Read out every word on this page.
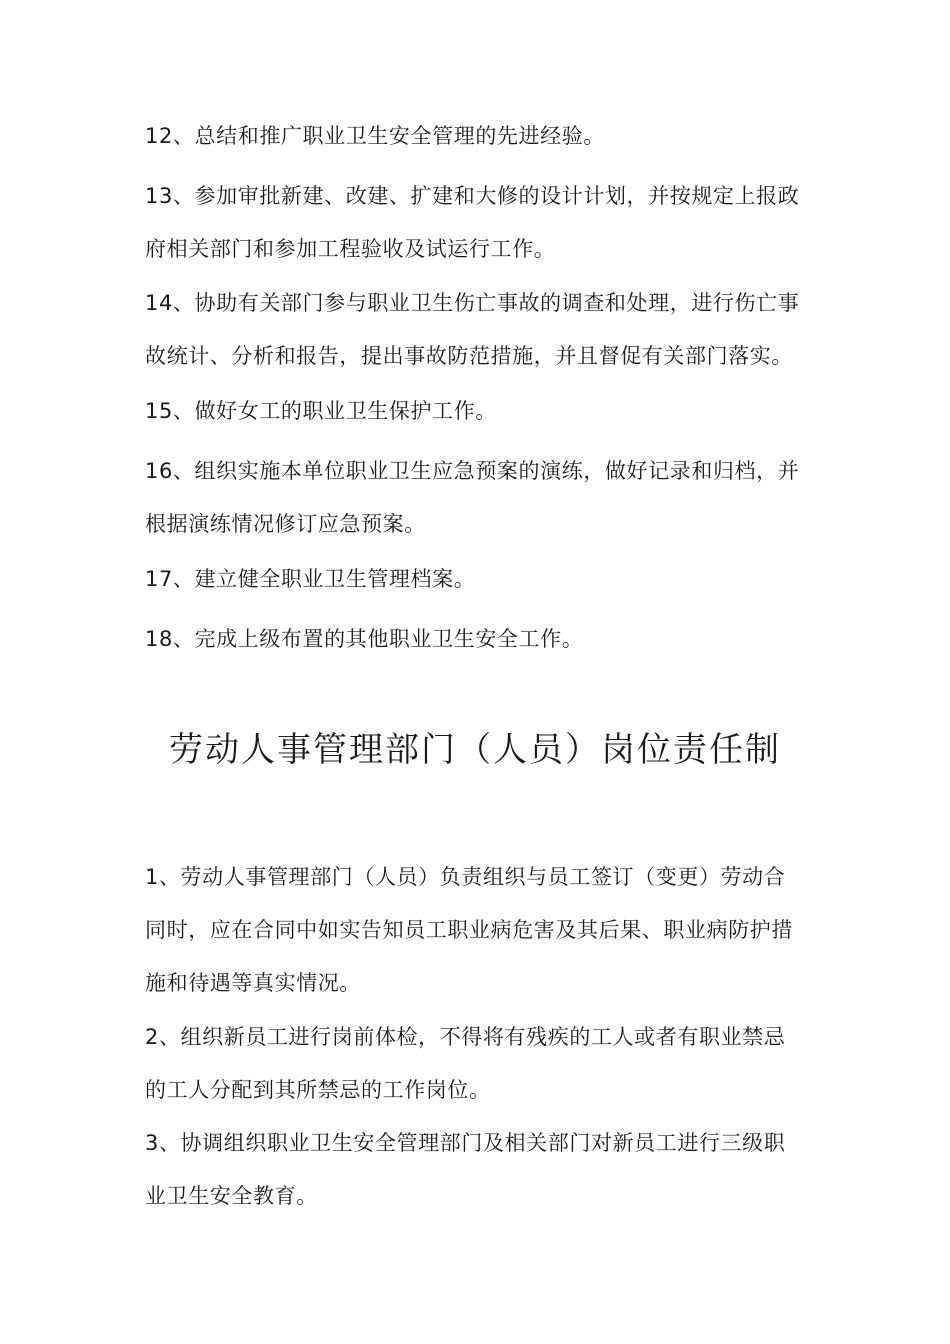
12、总结和推广职业卫生安全管理的先进经验。
13、参加审批新建、改建、扩建和大修的设计计划，并按规定上报政
府相关部门和参加工程验收及试运行工作。
14、协助有关部门参与职业卫生伤亡事故的调查和处理，进行伤亡事
故统计、分析和报告，提出事故防范措施，并且督促有关部门落实。
15、做好女工的职业卫生保护工作。
16、组织实施本单位职业卫生应急预案的演练，做好记录和归档，并
根据演练情况修订应急预案。
17、建立健全职业卫生管理档案。
18、完成上级布置的其他职业卫生安全工作。
劳动人事管理部门（人员）岗位责任制
1、劳动人事管理部门（人员）负责组织与员工签订（变更）劳动合
同时，应在合同中如实告知员工职业病危害及其后果、职业病防护措
施和待遇等真实情况。
2、组织新员工进行岗前体检，不得将有残疾的工人或者有职业禁忌
的工人分配到其所禁忌的工作岗位。
3、协调组织职业卫生安全管理部门及相关部门对新员工进行三级职
业卫生安全教育。
